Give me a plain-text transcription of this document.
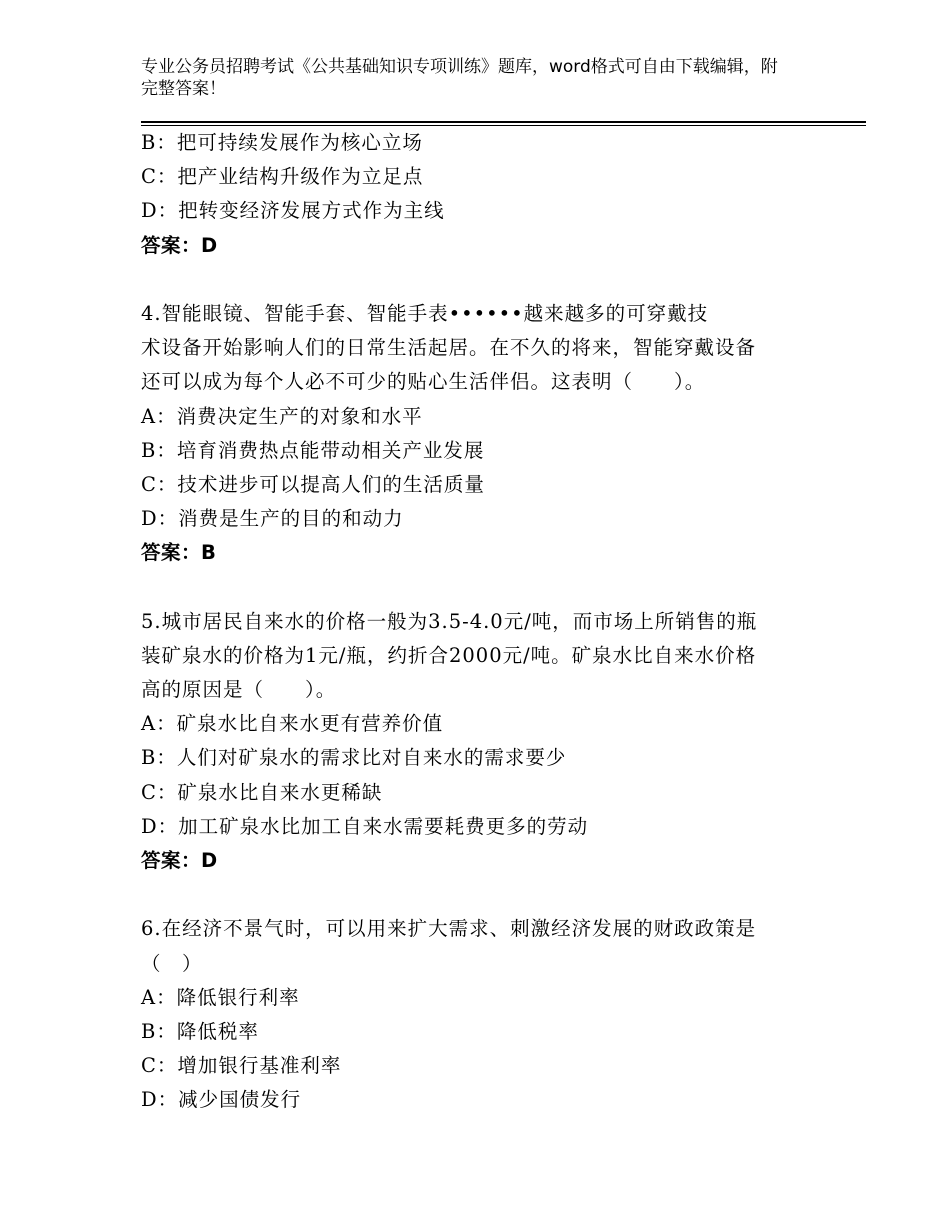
专业公务员招聘考试《公共基础知识专项训练》题库，word格式可自由下载编辑，附完整答案！
B：把可持续发展作为核心立场
C：把产业结构升级作为立足点
D：把转变经济发展方式作为主线
答案：D
4.智能眼镜、智能手套、智能手表••••••越来越多的可穿戴技
术设备开始影响人们的日常生活起居。在不久的将来，智能穿戴设备
还可以成为每个人必不可少的贴心生活伴侣。这表明（　　）。
A：消费决定生产的对象和水平
B：培育消费热点能带动相关产业发展
C：技术进步可以提高人们的生活质量
D：消费是生产的目的和动力
答案：B
5.城市居民自来水的价格一般为3.5-4.0元/吨，而市场上所销售的瓶
装矿泉水的价格为1元/瓶，约折合2000元/吨。矿泉水比自来水价格
高的原因是（　　）。
A：矿泉水比自来水更有营养价值
B：人们对矿泉水的需求比对自来水的需求要少
C：矿泉水比自来水更稀缺
D：加工矿泉水比加工自来水需要耗费更多的劳动
答案：D
6.在经济不景气时，可以用来扩大需求、刺激经济发展的财政政策是
（　）
A：降低银行利率
B：降低税率
C：增加银行基准利率
D：减少国债发行
